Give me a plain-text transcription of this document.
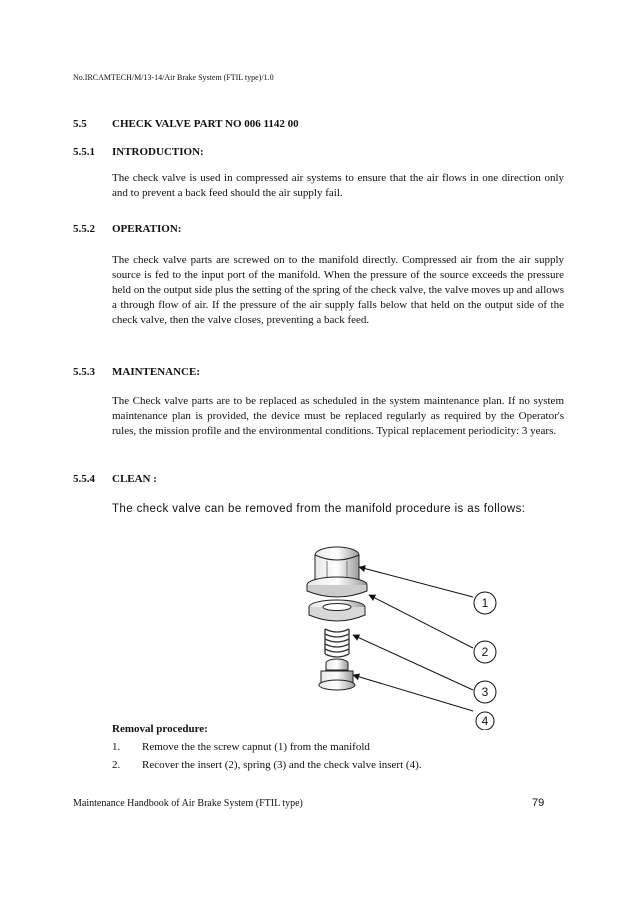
No.IRCAMTECH/M/13-14/Air Brake System (FTIL type)/1.0
5.5 CHECK VALVE PART NO 006 1142 00
5.5.1 INTRODUCTION:
The check valve is used in compressed air systems to ensure that the air flows in one direction only and to prevent a back feed should the air supply fail.
5.5.2 OPERATION:
The check valve parts are screwed on to the manifold directly. Compressed air from the air supply source is fed to the input port of the manifold. When the pressure of the source exceeds the pressure held on the output side plus the setting of the spring of the check valve, the valve moves up and allows a through flow of air. If the pressure of the air supply falls below that held on the output side of the check valve, then the valve closes, preventing a back feed.
5.5.3 MAINTENANCE:
The Check valve parts are to be replaced as scheduled in the system maintenance plan. If no system maintenance plan is provided, the device must be replaced regularly as required by the Operator's rules, the mission profile and the environmental conditions. Typical replacement periodicity: 3 years.
5.5.4 CLEAN :
The check valve can be removed from the manifold procedure is as follows:
1
2
3
4
Removal procedure:
1. Remove the the screw capnut (1) from the manifold
2. Recover the insert (2), spring (3) and the check valve insert (4).
Maintenance Handbook of Air Brake System (FTIL type)	79
